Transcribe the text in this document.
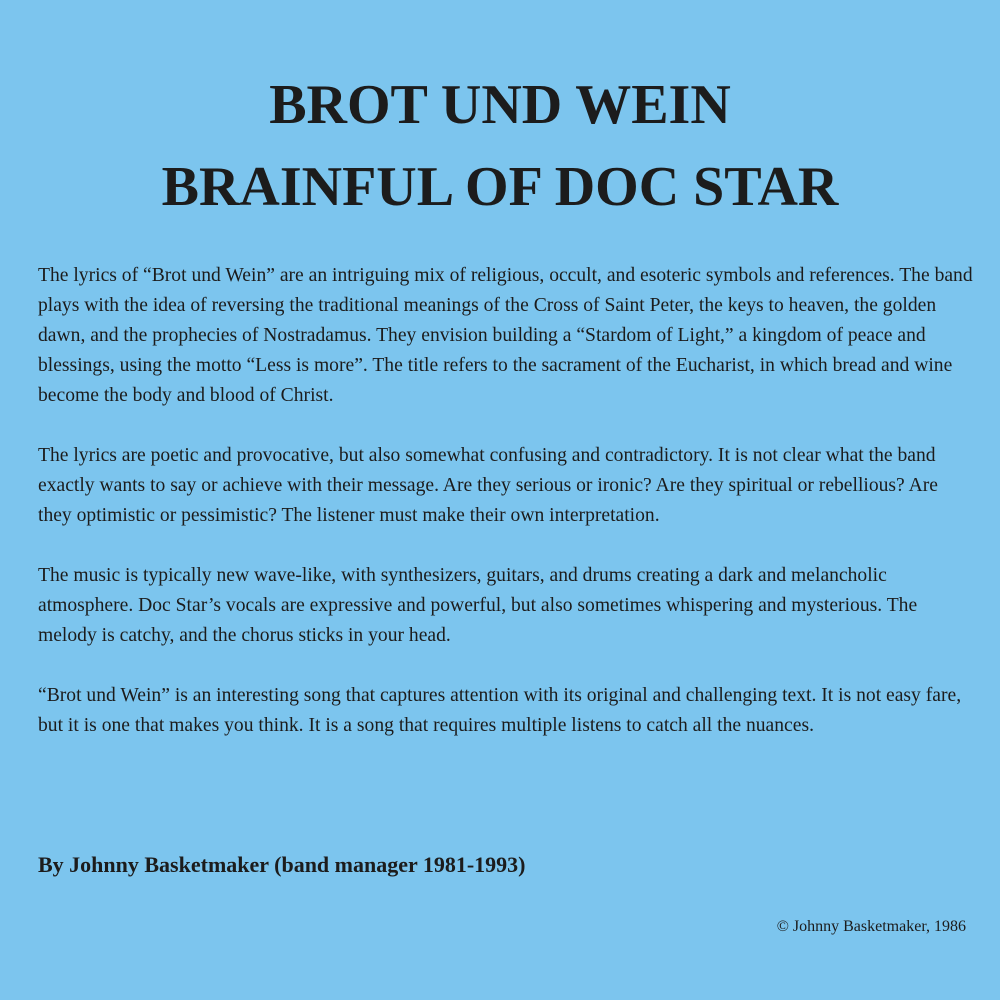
BROT UND WEIN
BRAINFUL OF DOC STAR

The lyrics of “Brot und Wein” are an intriguing mix of religious, occult, and esoteric symbols and references. The band plays with the idea of reversing the traditional meanings of the Cross of Saint Peter, the keys to heaven, the golden dawn, and the prophecies of Nostradamus. They envision building a “Stardom of Light,” a kingdom of peace and blessings, using the motto “Less is more”. The title refers to the sacrament of the Eucharist, in which bread and wine become the body and blood of Christ.

The lyrics are poetic and provocative, but also somewhat confusing and contradictory. It is not clear what the band exactly wants to say or achieve with their message. Are they serious or ironic? Are they spiritual or rebellious? Are they optimistic or pessimistic? The listener must make their own interpretation.

The music is typically new wave-like, with synthesizers, guitars, and drums creating a dark and melancholic atmosphere. Doc Star’s vocals are expressive and powerful, but also sometimes whispering and mysterious. The melody is catchy, and the chorus sticks in your head.

“Brot und Wein” is an interesting song that captures attention with its original and challenging text. It is not easy fare, but it is one that makes you think. It is a song that requires multiple listens to catch all the nuances.

By Johnny Basketmaker (band manager 1981-1993)

© Johnny Basketmaker, 1986
